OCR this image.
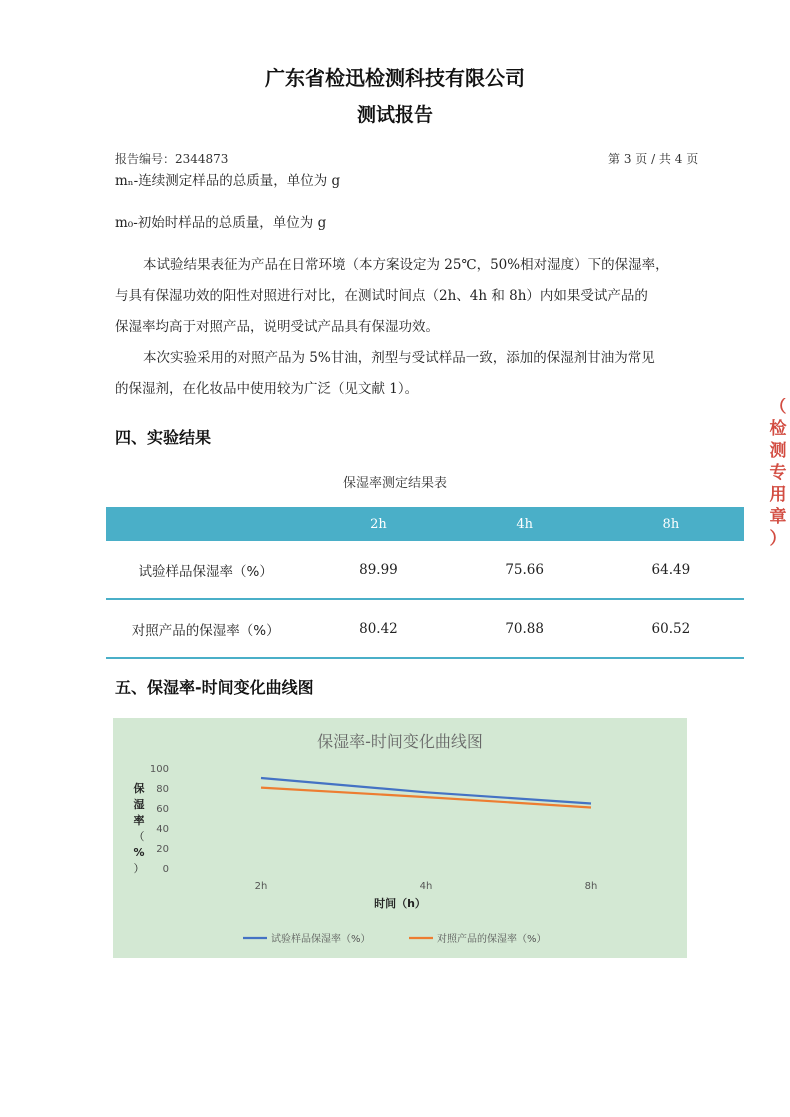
广东省检迅检测科技有限公司
测试报告
报告编号：2344873	第 3 页 / 共 4 页
mₙ-连续测定样品的总质量，单位为 g
m₀-初始时样品的总质量，单位为 g
本试验结果表征为产品在日常环境（本方案设定为 25℃，50%相对湿度）下的保湿率，
与具有保湿功效的阳性对照进行对比，在测试时间点（2h、4h 和 8h）内如果受试产品的
保湿率均高于对照产品，说明受试产品具有保湿功效。
本次实验采用的对照产品为 5%甘油，剂型与受试样品一致，添加的保湿剂甘油为常见
的保湿剂，在化妆品中使用较为广泛（见文献 1）。
四、实验结果
保湿率测定结果表
	2h	4h	8h
试验样品保湿率（%）	89.99	75.66	64.49
对照产品的保湿率（%）	80.42	70.88	60.52
五、保湿率-时间变化曲线图
保湿率-时间变化曲线图
0
20
40
60
80
100
2h	4h	8h
保湿率（%）
时间（h）
试验样品保湿率（%）	对照产品的保湿率（%）
（检测专用章）
